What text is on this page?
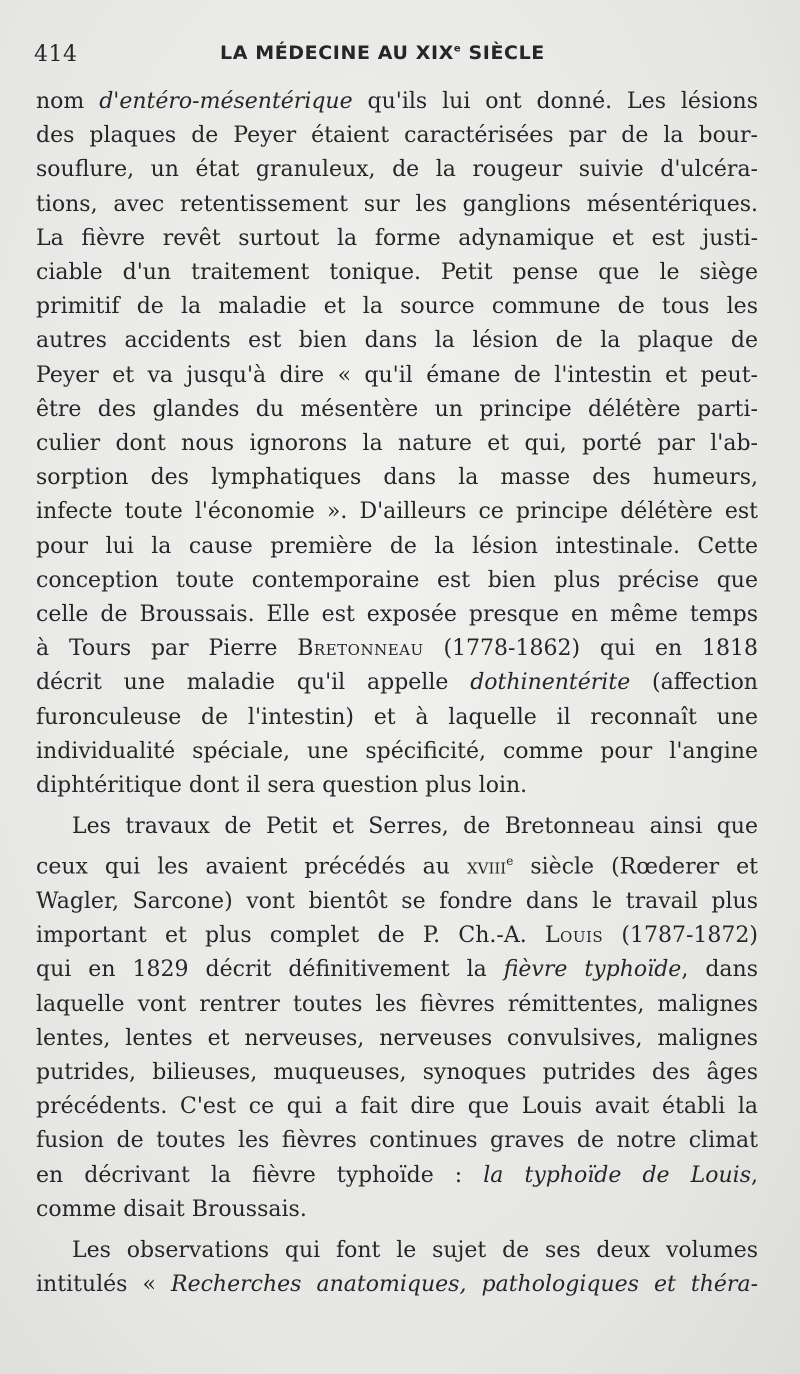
414	LA MÉDECINE AU XIXe SIÈCLE
nom d'entéro-mésentérique qu'ils lui ont donné. Les lésions
des plaques de Peyer étaient caractérisées par de la bour-
souflure, un état granuleux, de la rougeur suivie d'ulcéra-
tions, avec retentissement sur les ganglions mésentériques.
La fièvre revêt surtout la forme adynamique et est justi-
ciable d'un traitement tonique. Petit pense que le siège
primitif de la maladie et la source commune de tous les
autres accidents est bien dans la lésion de la plaque de
Peyer et va jusqu'à dire « qu'il émane de l'intestin et peut-
être des glandes du mésentère un principe délétère parti-
culier dont nous ignorons la nature et qui, porté par l'ab-
sorption des lymphatiques dans la masse des humeurs,
infecte toute l'économie ». D'ailleurs ce principe délétère est
pour lui la cause première de la lésion intestinale. Cette
conception toute contemporaine est bien plus précise que
celle de Broussais. Elle est exposée presque en même temps
à Tours par Pierre Bretonneau (1778-1862) qui en 1818
décrit une maladie qu'il appelle dothinentérite (affection
furonculeuse de l'intestin) et à laquelle il reconnaît une
individualité spéciale, une spécificité, comme pour l'angine
diphtéritique dont il sera question plus loin.
Les travaux de Petit et Serres, de Bretonneau ainsi que
ceux qui les avaient précédés au xviii$^e$ siècle (Rœderer et
Wagler, Sarcone) vont bientôt se fondre dans le travail plus
important et plus complet de P. Ch.-A. Louis (1787-1872)
qui en 1829 décrit définitivement la fièvre typhoïde, dans
laquelle vont rentrer toutes les fièvres rémittentes, malignes
lentes, lentes et nerveuses, nerveuses convulsives, malignes
putrides, bilieuses, muqueuses, synoques putrides des âges
précédents. C'est ce qui a fait dire que Louis avait établi la
fusion de toutes les fièvres continues graves de notre climat
en décrivant la fièvre typhoïde : la typhoïde de Louis,
comme disait Broussais.
Les observations qui font le sujet de ses deux volumes
intitulés « Recherches anatomiques, pathologiques et théra-
